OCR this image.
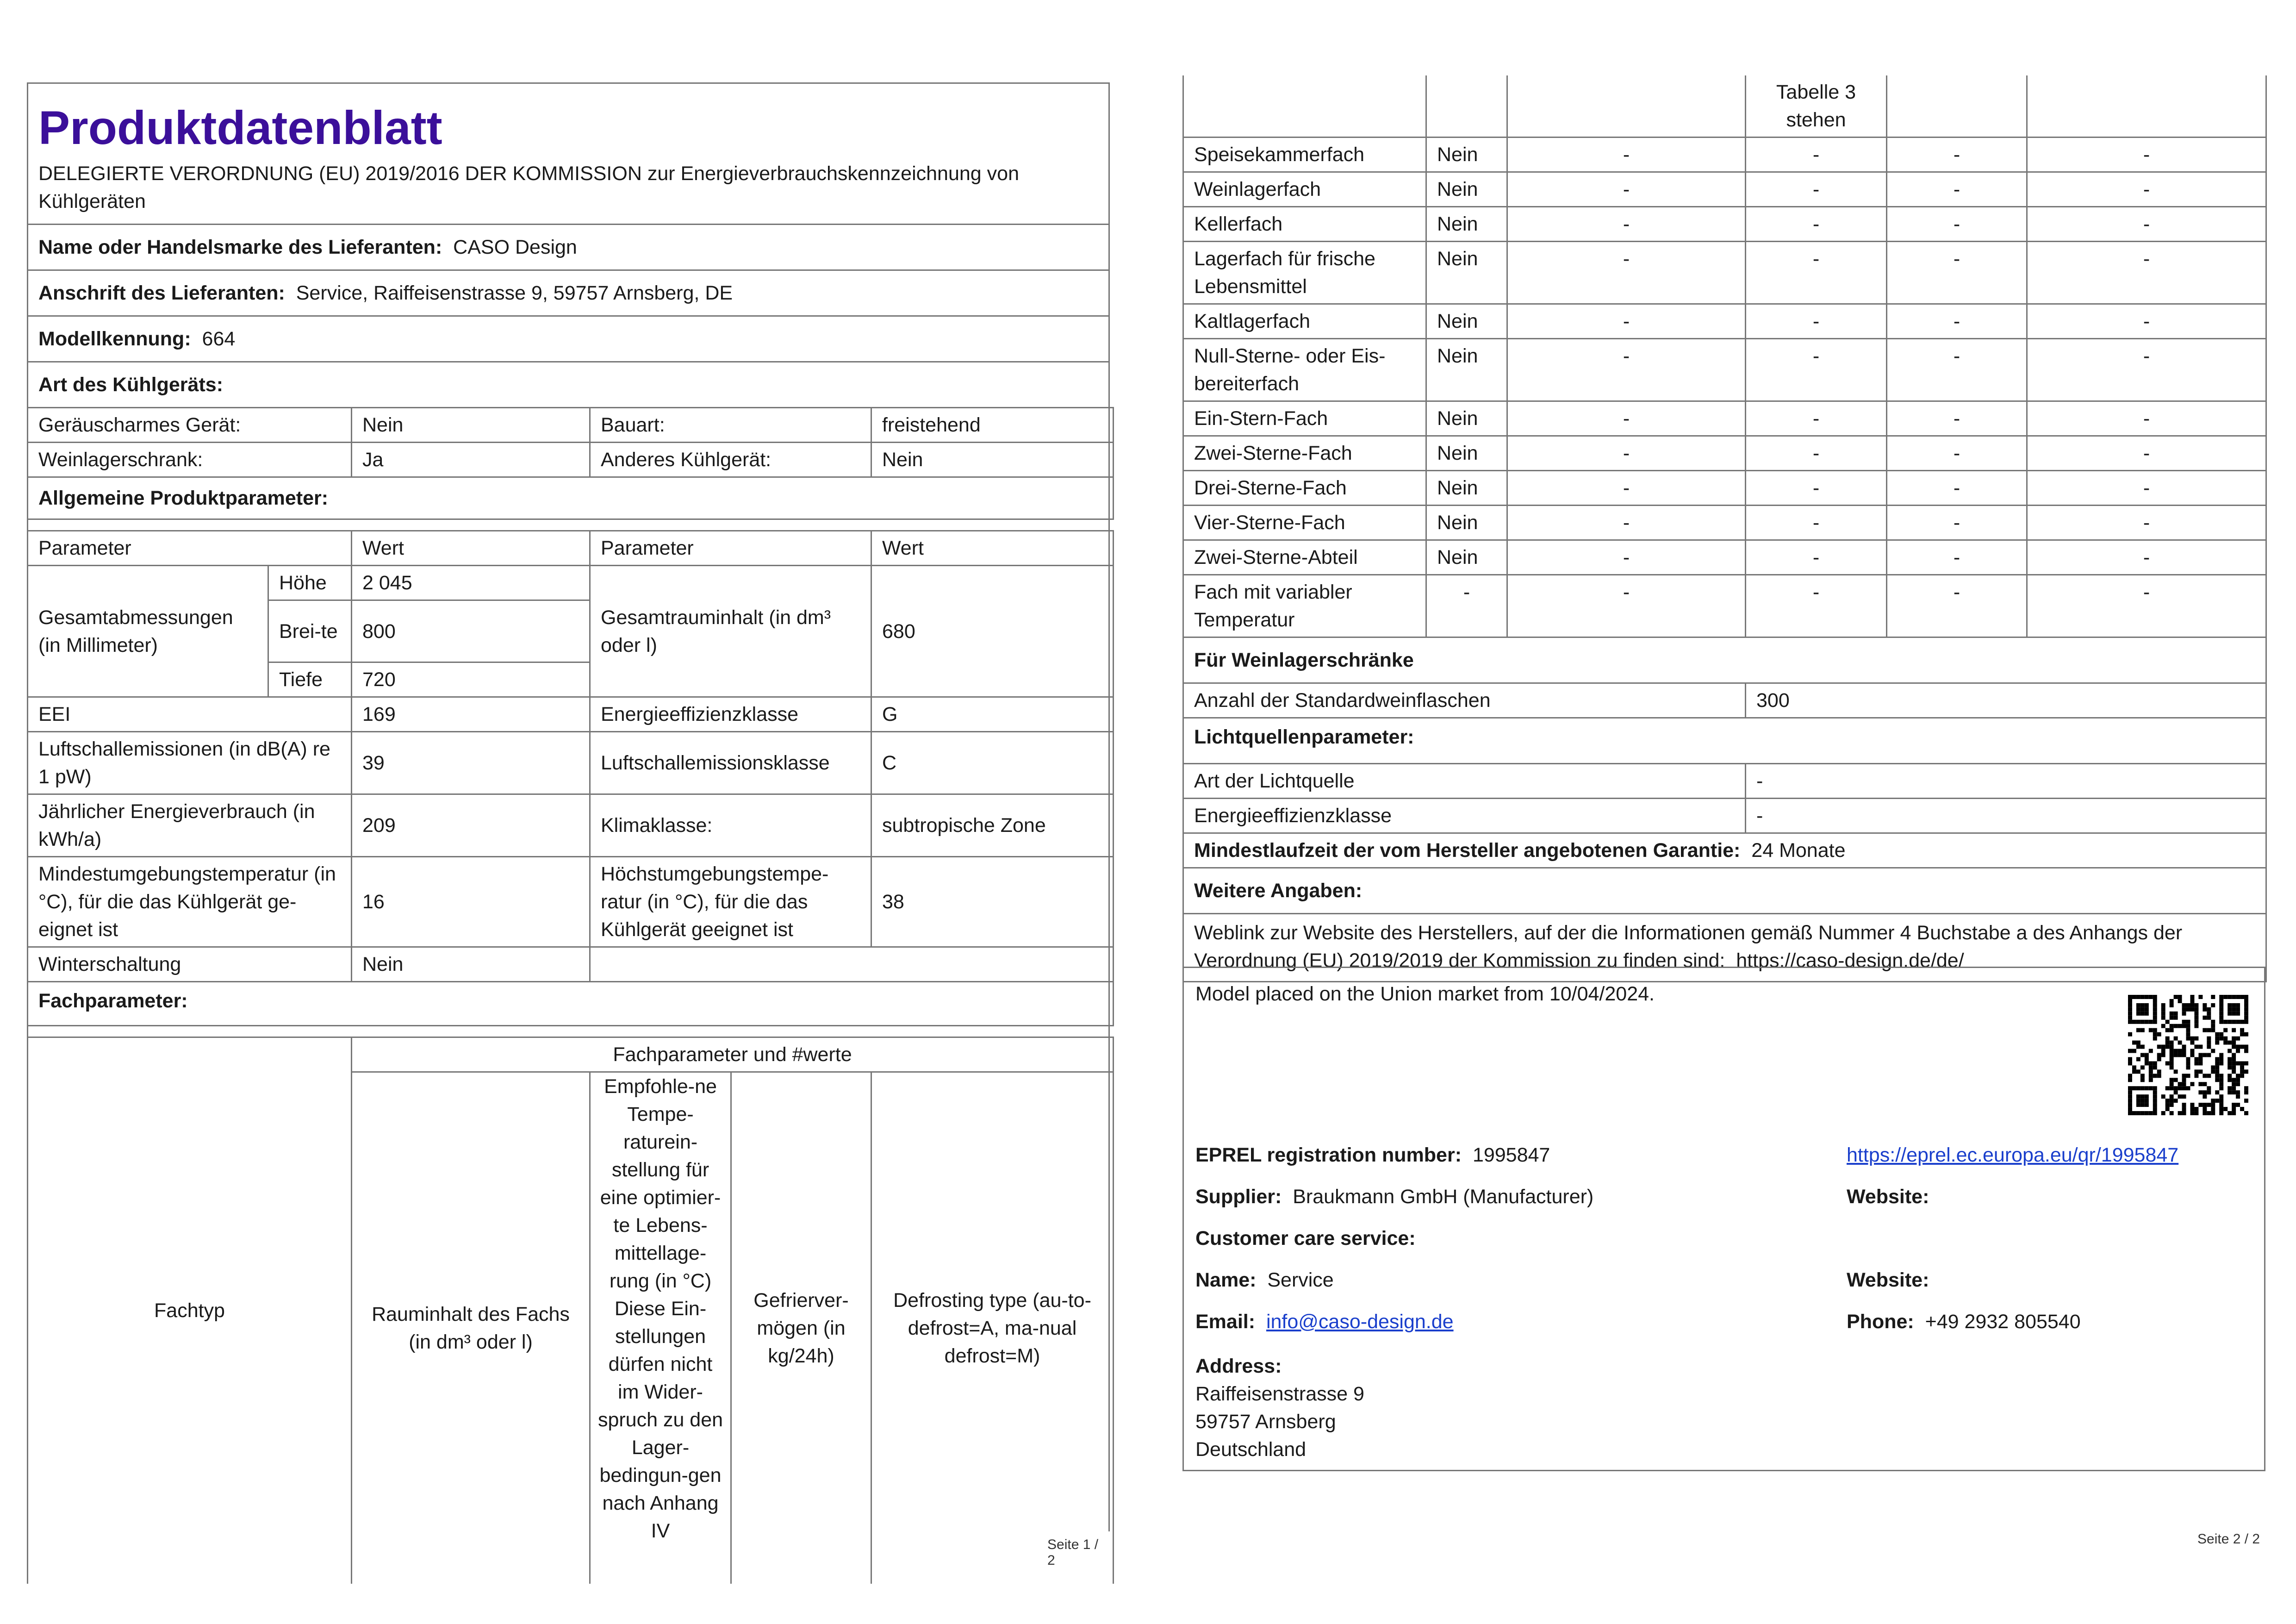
Produktdatenblatt
DELEGIERTE VERORDNUNG (EU) 2019/2016 DER KOMMISSION zur Energieverbrauchskennzeichnung von Kühlgeräten
Name oder Handelsmarke des Lieferanten: CASO Design
Anschrift des Lieferanten: Service, Raiffeisenstrasse 9, 59757 Arnsberg, DE
Modellkennung: 664
Art des Kühlgeräts:
Geräuscharmes Gerät:	Nein	Bauart:	freistehend
Weinlagerschrank:	Ja	Anderes Kühlgerät:	Nein
Allgemeine Produktparameter:			
Parameter		Wert	Parameter	Wert
Gesamtabmessungen (in Millimeter)	Höhe	2 045	Gesamtrauminhalt (in dm³ oder l)	680
	Brei-te	800		
	Tiefe	720		
EEI		169	Energieeffizienzklasse	G
Luftschallemissionen (in dB(A) re 1 pW)		39	Luftschallemissionsklasse	C
Jährlicher Energieverbrauch (in kWh/a)		209	Klimaklasse:	subtropische Zone
Mindestumgebungstemperatur (in °C), für die das Kühlgerät ge-eignet ist		16	Höchstumgebungstempe-ratur (in °C), für die das Kühlgerät geeignet ist	38
Winterschaltung		Nein		
Fachparameter:				
Fachtyp	Fachparameter und #werte			
	Rauminhalt des Fachs (in dm³ oder l)	Empfohle-ne Tempe-raturein-stellung für eine optimier-te Lebens-mittellage-rung (in °C) Diese Ein-stellungen dürfen nicht im Wider-spruch zu den Lager-bedingun-gen nach Anhang IV	Gefrierver-mögen (in kg/24h)	Defrosting type (au-to-defrost=A, ma-nual defrost=M)
Seite 1 / 2
			Tabelle 3 stehen		
Speisekammerfach	Nein	-	-	-	-
Weinlagerfach	Nein	-	-	-	-
Kellerfach	Nein	-	-	-	-
Lagerfach für frische Lebensmittel	Nein	-	-	-	-
Kaltlagerfach	Nein	-	-	-	-
Null-Sterne- oder Eis-bereiterfach	Nein	-	-	-	-
Ein-Stern-Fach	Nein	-	-	-	-
Zwei-Sterne-Fach	Nein	-	-	-	-
Drei-Sterne-Fach	Nein	-	-	-	-
Vier-Sterne-Fach	Nein	-	-	-	-
Zwei-Sterne-Abteil	Nein	-	-	-	-
Fach mit variabler Temperatur	-	-	-	-	-
Für Weinlagerschränke					
Anzahl der Standardweinflaschen			300		
Lichtquellenparameter:					
Art der Lichtquelle			-		
Energieeffizienzklasse			-		
Mindestlaufzeit der vom Hersteller angebotenen Garantie: 24 Monate					
Weitere Angaben:					
Weblink zur Website des Herstellers, auf der die Informationen gemäß Nummer 4 Buchstabe a des Anhangs der Verordnung (EU) 2019/2019 der Kommission zu finden sind: https://caso-design.de/de/					
Model placed on the Union market from 10/04/2024.
EPREL registration number: 1995847	https://eprel.ec.europa.eu/qr/1995847
Supplier: Braukmann GmbH (Manufacturer)	Website:
Customer care service:
Name: Service	Website:
Email: info@caso-design.de	Phone: +49 2932 805540
Address:
Raiffeisenstrasse 9
59757 Arnsberg
Deutschland
Seite 2 / 2
